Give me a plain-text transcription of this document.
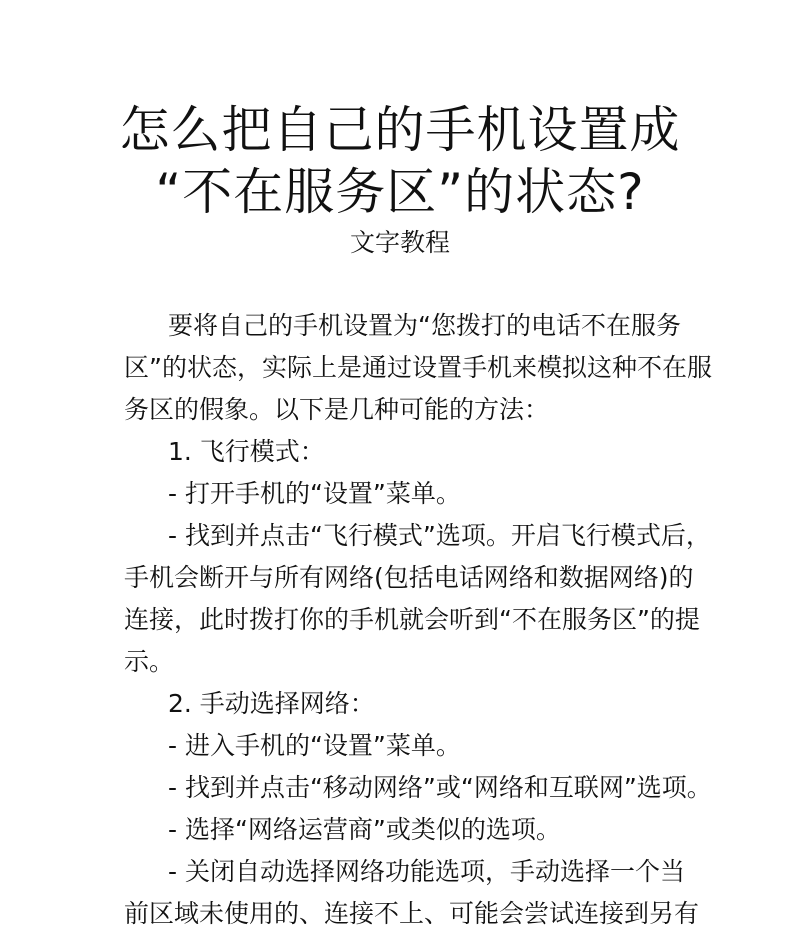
怎么把自己的手机设置成
“不在服务区”的状态?

文字教程

要将自己的手机设置为“您拨打的电话不在服务

区”的状态，实际上是通过设置手机来模拟这种不在服

务区的假象。以下是几种可能的方法：

1. 飞行模式：

- 打开手机的“设置”菜单。

- 找到并点击“飞行模式”选项。开启飞行模式后，

手机会断开与所有网络(包括电话网络和数据网络)的

连接，此时拨打你的手机就会听到“不在服务区”的提

示。

2. 手动选择网络：

- 进入手机的“设置”菜单。

- 找到并点击“移动网络”或“网络和互联网”选项。

- 选择“网络运营商”或类似的选项。

- 关闭自动选择网络功能选项，手动选择一个当

前区域未使用的、连接不上、可能会尝试连接到另有
